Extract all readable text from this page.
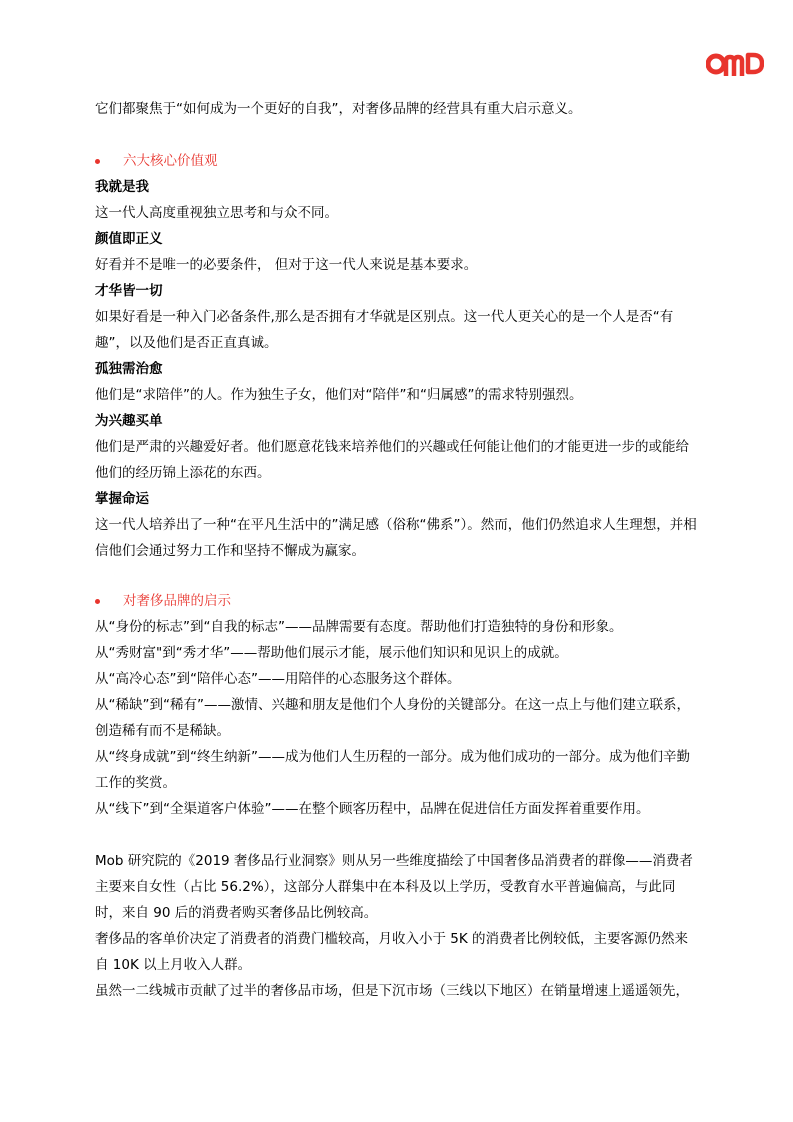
它们都聚焦于“如何成为一个更好的自我”，对奢侈品牌的经营具有重大启示意义。

六大核心价值观

我就是我

这一代人高度重视独立思考和与众不同。

颜值即正义

好看并不是唯一的必要条件， 但对于这一代人来说是基本要求。

才华皆一切

如果好看是一种入门必备条件,那么是否拥有才华就是区别点。这一代人更关心的是一个人是否“有趣”，以及他们是否正直真诚。

孤独需治愈

他们是“求陪伴”的人。作为独生子女，他们对“陪伴”和“归属感”的需求特别强烈。

为兴趣买单

他们是严肃的兴趣爱好者。他们愿意花钱来培养他们的兴趣或任何能让他们的才能更进一步的或能给他们的经历锦上添花的东西。

掌握命运

这一代人培养出了一种“在平凡生活中的”满足感（俗称“佛系”）。然而，他们仍然追求人生理想，并相信他们会通过努力工作和坚持不懈成为赢家。

对奢侈品牌的启示

从“身份的标志”到“自我的标志”——品牌需要有态度。帮助他们打造独特的身份和形象。

从“秀财富"到“秀才华”——帮助他们展示才能，展示他们知识和见识上的成就。

从“高冷心态”到“陪伴心态”——用陪伴的心态服务这个群体。

从“稀缺”到“稀有”——激情、兴趣和朋友是他们个人身份的关键部分。在这一点上与他们建立联系，创造稀有而不是稀缺。

从“终身成就”到“终生纳新”——成为他们人生历程的一部分。成为他们成功的一部分。成为他们辛勤工作的奖赏。

从“线下”到“全渠道客户体验”——在整个顾客历程中，品牌在促进信任方面发挥着重要作用。

Mob 研究院的《2019 奢侈品行业洞察》则从另一些维度描绘了中国奢侈品消费者的群像——消费者主要来自女性（占比 56.2%），这部分人群集中在本科及以上学历，受教育水平普遍偏高，与此同时，来自 90 后的消费者购买奢侈品比例较高。

奢侈品的客单价决定了消费者的消费门槛较高，月收入小于 5K 的消费者比例较低，主要客源仍然来自 10K 以上月收入人群。

虽然一二线城市贡献了过半的奢侈品市场，但是下沉市场（三线以下地区）在销量增速上遥遥领先，
